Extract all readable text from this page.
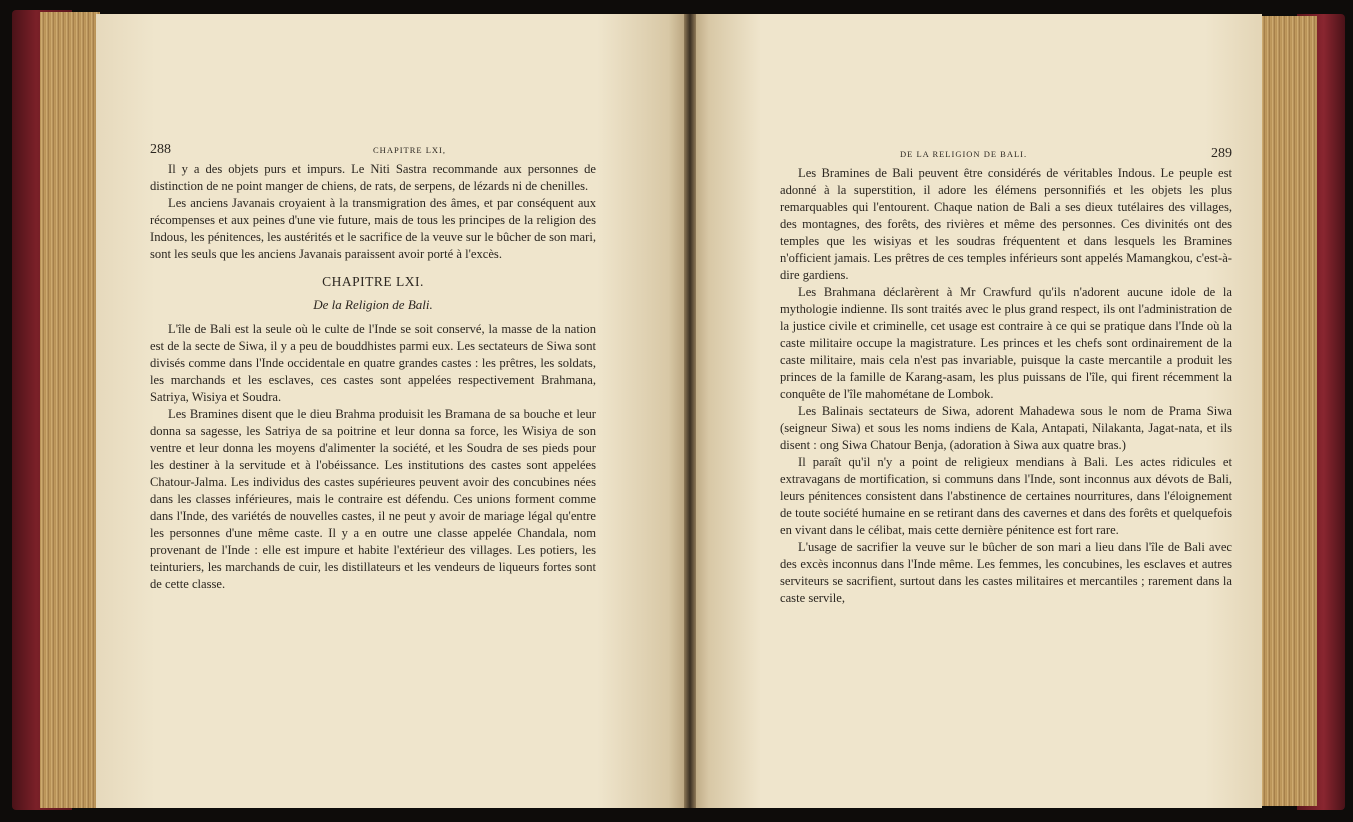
288	CHAPITRE LXI,

Il y a des objets purs et impurs. Le Niti Sastra recommande aux personnes de distinction de ne point manger de chiens, de rats, de serpens, de lézards ni de chenilles.

Les anciens Javanais croyaient à la transmigration des âmes, et par conséquent aux récompenses et aux peines d'une vie future, mais de tous les principes de la religion des Indous, les pénitences, les austérités et le sacrifice de la veuve sur le bûcher de son mari, sont les seuls que les anciens Javanais paraissent avoir porté à l'excès.

CHAPITRE LXI.
De la Religion de Bali.

L'île de Bali est la seule où le culte de l'Inde se soit conservé, la masse de la nation est de la secte de Siwa, il y a peu de bouddhistes parmi eux. Les sectateurs de Siwa sont divisés comme dans l'Inde occidentale en quatre grandes castes : les prêtres, les soldats, les marchands et les esclaves, ces castes sont appelées respectivement Brahmana, Satriya, Wisiya et Soudra.

Les Bramines disent que le dieu Brahma produisit les Bramana de sa bouche et leur donna sa sagesse, les Satriya de sa poitrine et leur donna sa force, les Wisiya de son ventre et leur donna les moyens d'alimenter la société, et les Soudra de ses pieds pour les destiner à la servitude et à l'obéissance. Les institutions des castes sont appelées Chatour-Jalma. Les individus des castes supérieures peuvent avoir des concubines nées dans les classes inférieures, mais le contraire est défendu. Ces unions forment comme dans l'Inde, des variétés de nouvelles castes, il ne peut y avoir de mariage légal qu'entre les personnes d'une même caste. Il y a en outre une classe appelée Chandala, nom provenant de l'Inde : elle est impure et habite l'extérieur des villages. Les potiers, les teinturiers, les marchands de cuir, les distillateurs et les vendeurs de liqueurs fortes sont de cette classe.

DE LA RELIGION DE BALI.	289

Les Bramines de Bali peuvent être considérés de véritables Indous. Le peuple est adonné à la superstition, il adore les élémens personnifiés et les objets les plus remarquables qui l'entourent. Chaque nation de Bali a ses dieux tutélaires des villages, des montagnes, des forêts, des rivières et même des personnes. Ces divinités ont des temples que les wisiyas et les soudras fréquentent et dans lesquels les Bramines n'officient jamais. Les prêtres de ces temples inférieurs sont appelés Mamangkou, c'est-à-dire gardiens.

Les Brahmana déclarèrent à Mr Crawfurd qu'ils n'adorent aucune idole de la mythologie indienne. Ils sont traités avec le plus grand respect, ils ont l'administration de la justice civile et criminelle, cet usage est contraire à ce qui se pratique dans l'Inde où la caste militaire occupe la magistrature. Les princes et les chefs sont ordinairement de la caste militaire, mais cela n'est pas invariable, puisque la caste mercantile a produit les princes de la famille de Karang-asam, les plus puissans de l'île, qui firent récemment la conquête de l'île mahométane de Lombok.

Les Balinais sectateurs de Siwa, adorent Mahadewa sous le nom de Prama Siwa (seigneur Siwa) et sous les noms indiens de Kala, Antapati, Nilakanta, Jagat-nata, et ils disent : ong Siwa Chatour Benja, (adoration à Siwa aux quatre bras.)

Il paraît qu'il n'y a point de religieux mendians à Bali. Les actes ridicules et extravagans de mortification, si communs dans l'Inde, sont inconnus aux dévots de Bali, leurs pénitences consistent dans l'abstinence de certaines nourritures, dans l'éloignement de toute société humaine en se retirant dans des cavernes et dans des forêts et quelquefois en vivant dans le célibat, mais cette dernière pénitence est fort rare.

L'usage de sacrifier la veuve sur le bûcher de son mari a lieu dans l'île de Bali avec des excès inconnus dans l'Inde même. Les femmes, les concubines, les esclaves et autres serviteurs se sacrifient, surtout dans les castes militaires et mercantiles ; rarement dans la caste servile,
